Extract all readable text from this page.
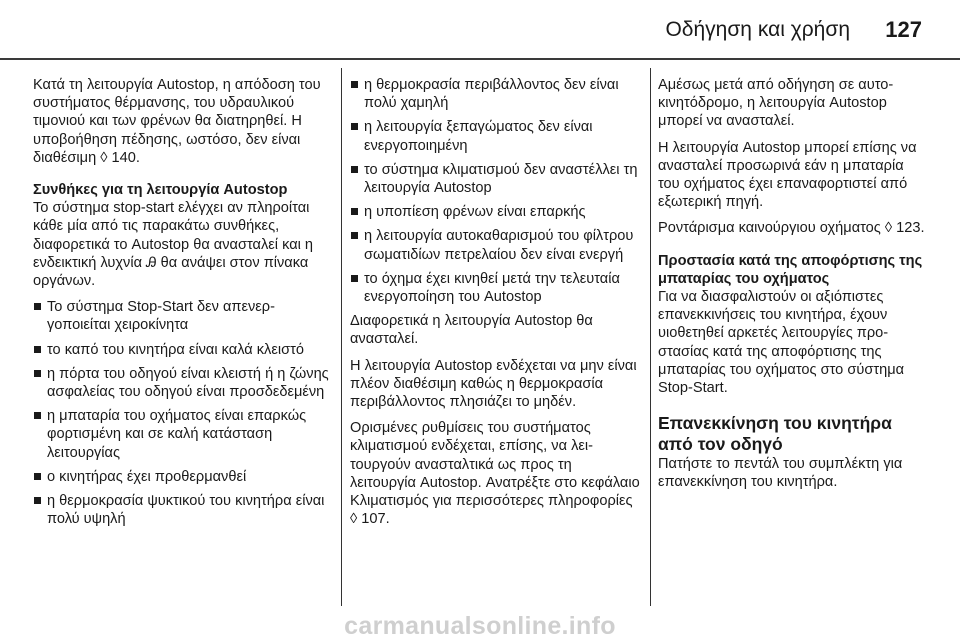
Οδήγηση και χρήση 127

Κατά τη λειτουργία Autostop, η απόδοση του συστήματος θέρμανσης, του υδραυλικού τιμονιού και των φρένων θα διατηρηθεί. Η υποβοήθηση πέδησης, ωστόσο, δεν είναι διαθέσιμη ◊ 140.

Συνθήκες για τη λειτουργία Autostop

Το σύστημα stop-start ελέγχει αν πληροίται κάθε μία από τις παρακάτω συνθήκες, διαφορετικά το Autostop θα ανασταλεί και η ενδεικτική λυχνία Ꭿ θα ανάψει στον πίνακα οργάνων.

Το σύστημα Stop-Start δεν απενεργοποιείται χειροκίνητα
το καπό του κινητήρα είναι καλά κλειστό
η πόρτα του οδηγού είναι κλειστή ή η ζώνης ασφαλείας του οδηγού είναι προσδεδεμένη
η μπαταρία του οχήματος είναι επαρκώς φορτισμένη και σε καλή κατάσταση λειτουργίας
ο κινητήρας έχει προθερμανθεί
η θερμοκρασία ψυκτικού του κινητήρα είναι πολύ υψηλή
η θερμοκρασία περιβάλλοντος δεν είναι πολύ χαμηλή
η λειτουργία ξεπαγώματος δεν είναι ενεργοποιημένη
το σύστημα κλιματισμού δεν αναστέλλει τη λειτουργία Autostop
η υποπίεση φρένων είναι επαρκής
η λειτουργία αυτοκαθαρισμού του φίλτρου σωματιδίων πετρελαίου δεν είναι ενεργή
το όχημα έχει κινηθεί μετά την τελευταία ενεργοποίηση του Autostop

Διαφορετικά η λειτουργία Autostop θα ανασταλεί.

Η λειτουργία Autostop ενδέχεται να μην είναι πλέον διαθέσιμη καθώς η θερμοκρασία περιβάλλοντος πλησιάζει το μηδέν.

Ορισμένες ρυθμίσεις του συστήματος κλιματισμού ενδέχεται, επίσης, να λειτουργούν ανασταλτικά ως προς τη λειτουργία Autostop. Ανατρέξτε στο κεφάλαιο Κλιματισμός για περισσότερες πληροφορίες ◊ 107.

Αμέσως μετά από οδήγηση σε αυτοκινητόδρομο, η λειτουργία Autostop μπορεί να ανασταλεί.

Η λειτουργία Autostop μπορεί επίσης να ανασταλεί προσωρινά εάν η μπαταρία του οχήματος έχει επαναφορτιστεί από εξωτερική πηγή.

Ροντάρισμα καινούργιου οχήματος ◊ 123.

Προστασία κατά της αποφόρτισης της μπαταρίας του οχήματος

Για να διασφαλιστούν οι αξιόπιστες επανεκκινήσεις του κινητήρα, έχουν υιοθετηθεί αρκετές λειτουργίες προστασίας κατά της αποφόρτισης της μπαταρίας του οχήματος στο σύστημα Stop-Start.

Επανεκκίνηση του κινητήρα από τον οδηγό

Πατήστε το πεντάλ του συμπλέκτη για επανεκκίνηση του κινητήρα.

carmanualsonline.info
